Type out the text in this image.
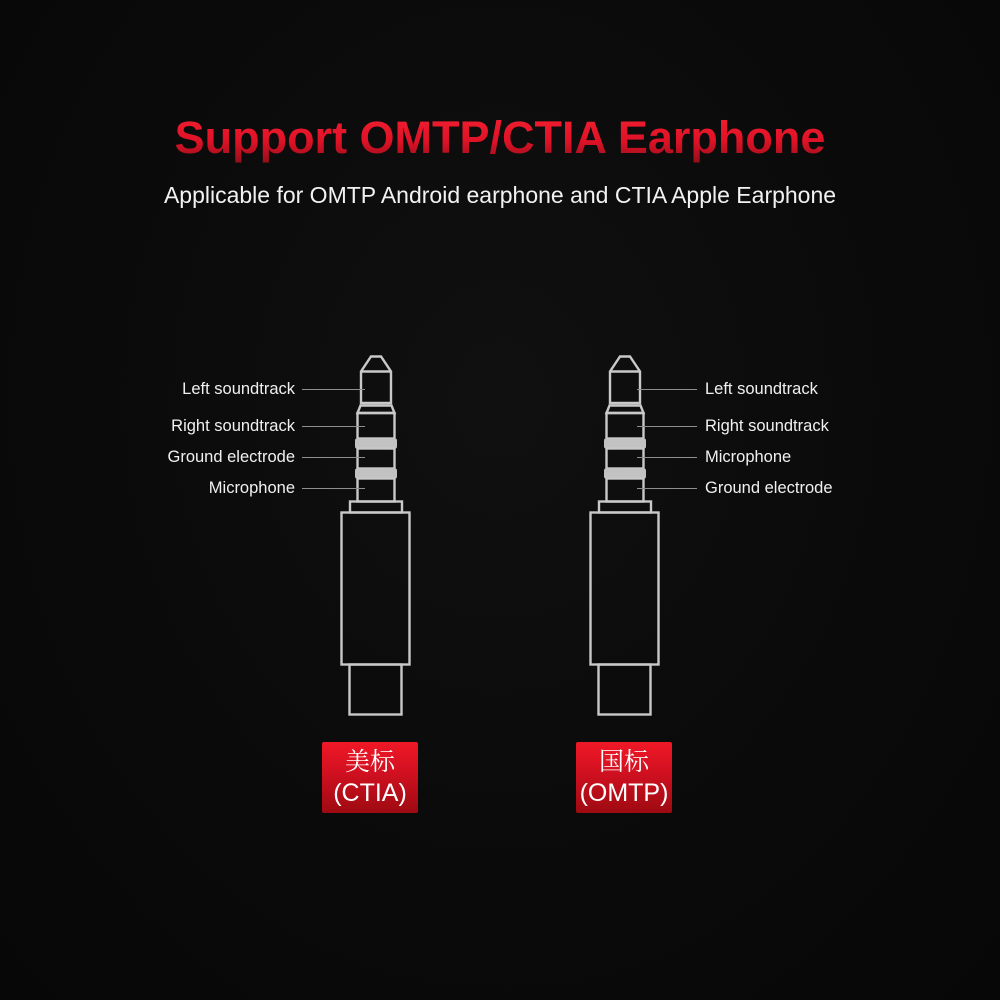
Support OMTP/CTIA Earphone
Applicable for OMTP Android earphone and CTIA Apple Earphone
Left soundtrack
Right soundtrack
Ground electrode
Microphone
美标
(CTIA)
Left soundtrack
Right soundtrack
Microphone
Ground electrode
国标
(OMTP)
